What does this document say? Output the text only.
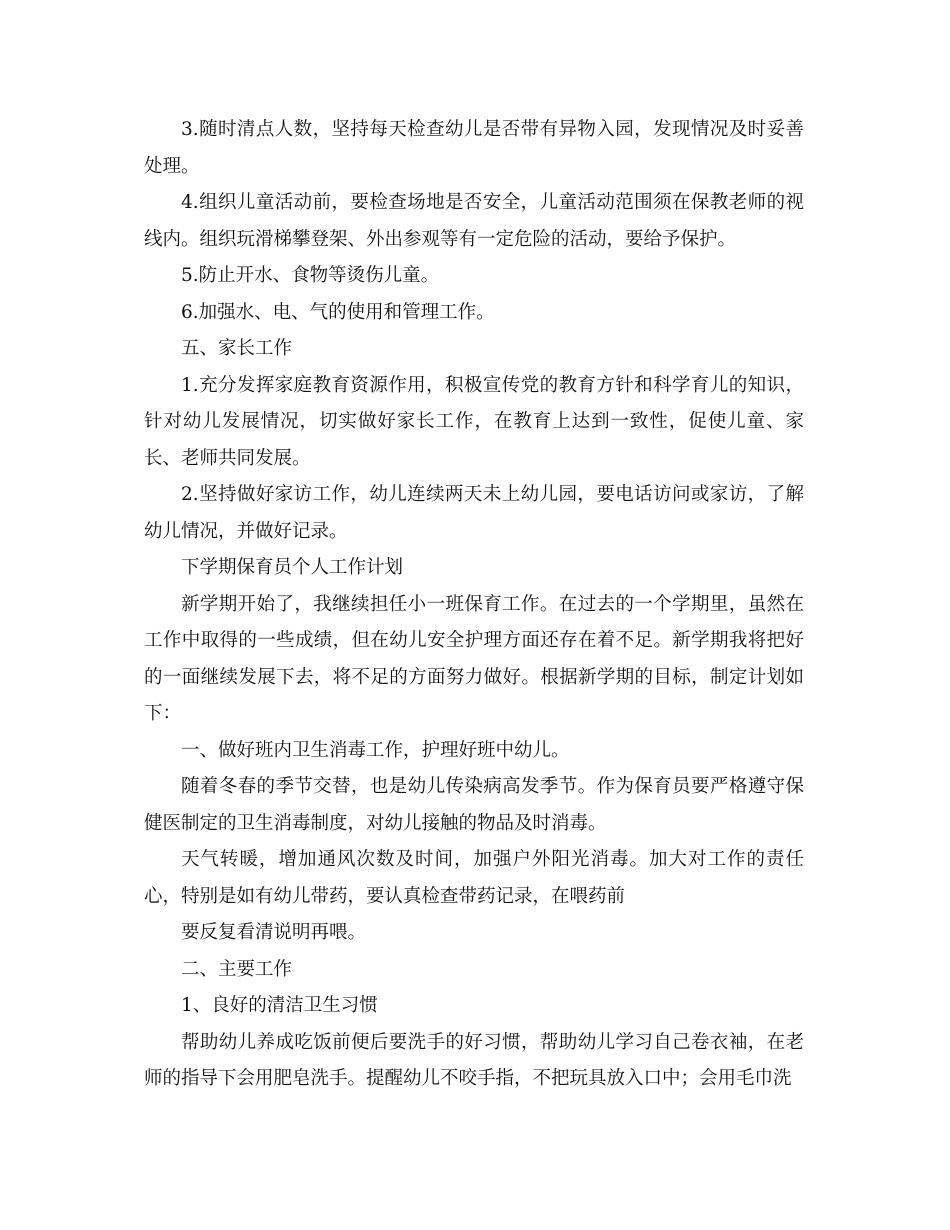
3.随时清点人数，坚持每天检查幼儿是否带有异物入园，发现情况及时妥善处理。

4.组织儿童活动前，要检查场地是否安全，儿童活动范围须在保教老师的视线内。组织玩滑梯攀登架、外出参观等有一定危险的活动，要给予保护。

5.防止开水、食物等烫伤儿童。

6.加强水、电、气的使用和管理工作。

五、家长工作

1.充分发挥家庭教育资源作用，积极宣传党的教育方针和科学育儿的知识，针对幼儿发展情况，切实做好家长工作，在教育上达到一致性，促使儿童、家长、老师共同发展。

2.坚持做好家访工作，幼儿连续两天未上幼儿园，要电话访问或家访，了解幼儿情况，并做好记录。

下学期保育员个人工作计划

新学期开始了，我继续担任小一班保育工作。在过去的一个学期里，虽然在工作中取得的一些成绩，但在幼儿安全护理方面还存在着不足。新学期我将把好的一面继续发展下去，将不足的方面努力做好。根据新学期的目标，制定计划如下：

一、做好班内卫生消毒工作，护理好班中幼儿。

随着冬春的季节交替，也是幼儿传染病高发季节。作为保育员要严格遵守保健医制定的卫生消毒制度，对幼儿接触的物品及时消毒。

天气转暖，增加通风次数及时间，加强户外阳光消毒。加大对工作的责任心，特别是如有幼儿带药，要认真检查带药记录，在喂药前

要反复看清说明再喂。

二、主要工作

1、良好的清洁卫生习惯

帮助幼儿养成吃饭前便后要洗手的好习惯，帮助幼儿学习自己卷衣袖，在老师的指导下会用肥皂洗手。提醒幼儿不咬手指，不把玩具放入口中；会用毛巾洗
